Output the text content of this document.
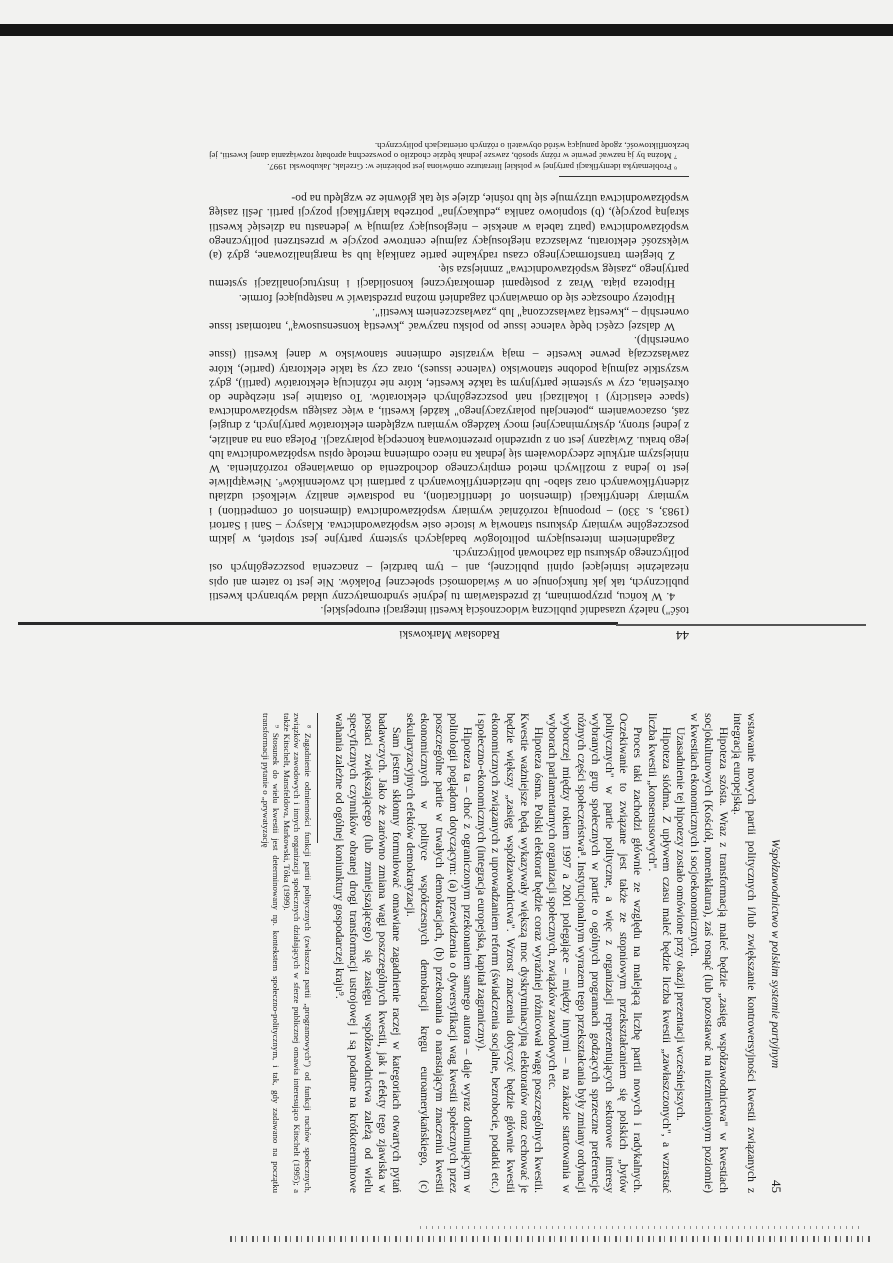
44
Radosław Markowski

tość") należy uzasadnić publiczną widocznością kwestii integracji europejskiej.

4. W końcu, przypominam, iż przedstawiam tu jedynie syndromatyczny układ wybranych kwestii publicznych, tak jak funkcjonuje on w świadomości społecznej Polaków. Nie jest to zatem ani opis niezależnie istniejącej opinii publicznej, ani – tym bardziej – znaczenia poszczególnych osi politycznego dyskursu dla zachowań politycznych.

Zagadnieniem interesującym politologów badających systemy partyjne jest stopień, w jakim poszczególne wymiary dyskursu stanowią w istocie osie współzawodnictwa. Klasycy – Sani i Sartori (1983, s. 330) – proponują rozróżniać wymiary współzawodnictwa (dimension of competition) i wymiary identyfikacji (dimension of identification), na podstawie analizy wielkości udziału zidentyfikowanych oraz słabo- lub niezidentyfikowanych z partiami ich zwolenników⁶. Niewątpliwie jest to jedna z możliwych metod empirycznego dochodzenia do omawianego rozróżnienia. W niniejszym artykule zdecydowałem się jednak na nieco odmienną metodę opisu współzawodnictwa lub jego braku. Związany jest on z uprzednio prezentowaną koncepcją polaryzacji. Polega ona na analizie, z jednej strony, dyskryminacyjnej mocy każdego wymiaru względem elektoratów partyjnych, z drugiej zaś, oszacowaniem „potencjału polaryzacyjnego" każdej kwestii, a więc zasięgu współzawodnictwa (space elasticity) i lokalizacji nań poszczególnych elektoratów. To ostatnie jest niezbędne do określenia, czy w systemie partyjnym są także kwestie, które nie różnicują elektoratów (partii), gdyż wszystkie zajmują podobne stanowisko (valence issues), oraz czy są takie elektoraty (partie), które zawłaszczają pewne kwestie – mają wyraziste odmienne stanowisko w danej kwestii (issue ownership).

W dalszej części będę valence issue po polsku nazywać „kwestią konsensusową", natomiast issue ownership – „kwestią zawłaszczoną" lub „zawłaszczeniem kwestii".

Hipotezy odnoszące się do omawianych zagadnień można przedstawić w następującej formie.

Hipoteza piąta. Wraz z postępami demokratycznej konsolidacji i instytucjonalizacji systemu partyjnego „zasięg współzawodnictwa" zmniejsza się.

Z biegiem transformacyjnego czasu radykalne partie zanikają lub są marginalizowane, gdyż (a) większość elektoratu, zwłaszcza niegłosujący zajmuje centrowe pozycje w przestrzeni politycznego współzawodnictwa (patrz tabela w aneksie – niegłosujący zajmują w jedenastu na dziesięć kwestii skrajną pozycję), (b) stopniowo zanika „edukacyjna" potrzeba klaryfikacji pozycji partii. Jeśli zasięg współzawodnictwa utrzymuje się lub rośnie, dzieje się tak głównie ze względu na po-

⁶ Problematyka identyfikacji partyjnej w polskiej literaturze omówiona jest pobieżnie w: Grzelak, Jakubowski 1997.

⁷ Można by ją nazwać pewnie w różny sposób, zawsze jednak będzie chodziło o powszechną aprobatę rozwiązania danej kwestii, jej bezkonfliktowość, zgodę panującą wśród obywateli o różnych orientacjach politycznych.

Współzawodnictwo w polskim systemie partyjnym
45

wstawanie nowych partii politycznych i/lub zwiększanie kontrowersyjności kwestii związanych z integracją europejską.

Hipoteza szósta. Wraz z transformacją maleć będzie „zasięg współzawodnictwa" w kwestiach socjokulturowych (Kościół, nomenklatura), zaś rosnąć (lub pozostawać na niezmienionym poziomie) w kwestiach ekonomicznych i socjoekonomicznych.

Uzasadnienie tej hipotezy zostało omówione przy okazji prezentacji wcześniejszych.

Hipoteza siódma. Z upływem czasu maleć będzie liczba kwestii „zawłaszczonych", a wzrastać liczba kwestii „konsensusowych".

Proces taki zachodzi głównie ze względu na malejącą liczbę partii nowych i radykalnych. Oczekiwanie to związane jest także ze stopniowym przekształcaniem się polskich „bytów politycznych" w partie polityczne, a więc z organizacji reprezentujących sektorowe interesy wybranych grup społecznych w partie o ogólnych programach godzących sprzeczne preferencje różnych części społeczeństwa⁸. Instytucjonalnym wyrazem tego przekształcania były zmiany ordynacji wyborczej między rokiem 1997 a 2001 polegające – między innymi – na zakazie startowania w wyborach parlamentarnych organizacji społecznych, związków zawodowych etc.

Hipoteza ósma. Polski elektorat będzie coraz wyraźniej różnicował wagę poszczególnych kwestii. Kwestie ważniejsze będą wykazywały większą moc dyskryminacyjną elektoratów oraz cechować je będzie większy „zasięg współzawodnictwa". Wzrost znaczenia dotyczyć będzie głównie kwestii ekonomicznych związanych z uprowadzaniem reform (świadczenia socjalne, bezrobocie, podatki etc.) i społeczno-ekonomicznych (integracja europejska, kapitał zagraniczny).

Hipoteza ta – choć z ograniczonym przekonaniem samego autora – daje wyraz dominującym w politologii poglądom dotyczącym: (a) przewidzenia o dywersyfikacji wag kwestii społecznych przez poszczególne partie w trwałych demokracjach, (b) przekonania o narastającym znaczeniu kwestii ekonomicznych w polityce współczesnych demokracji kręgu euroamerykańskiego, (c) sekularyzacyjnych efektów demokratyzacji.

Sam jestem skłonny formułować omawiane zagadnienie raczej w kategoriach otwartych pytań badawczych. Jako że zarówno zmiana wagi poszczególnych kwestii, jak i efekty tego zjawiska w postaci zwiększającego (lub zmniejszającego) się zasięgu współzawodnictwa zależą od wielu specyficznych czynników obranej drogi transformacji ustrojowej i są podatne na krótkoterminowe wahania zależne od ogólnej koniunktury gospodarczej kraju⁹.

⁸ Zagadnienie odmienności funkcji partii politycznych (zwłaszcza partii „programowych") od funkcji ruchów społecznych, związków zawodowych i innych organizacji społecznych działających w sferze publicznej omawia interesująco Kitschelt (1995); a także Kitschelt, Mansfeldova, Markowski, Tóka (1999).

⁹ Stosunek do wielu kwestii jest determinowany np. kontekstem społeczno-politycznym, i tak, gdy zadawano na początku transformacji pytanie o „prywatyzację
